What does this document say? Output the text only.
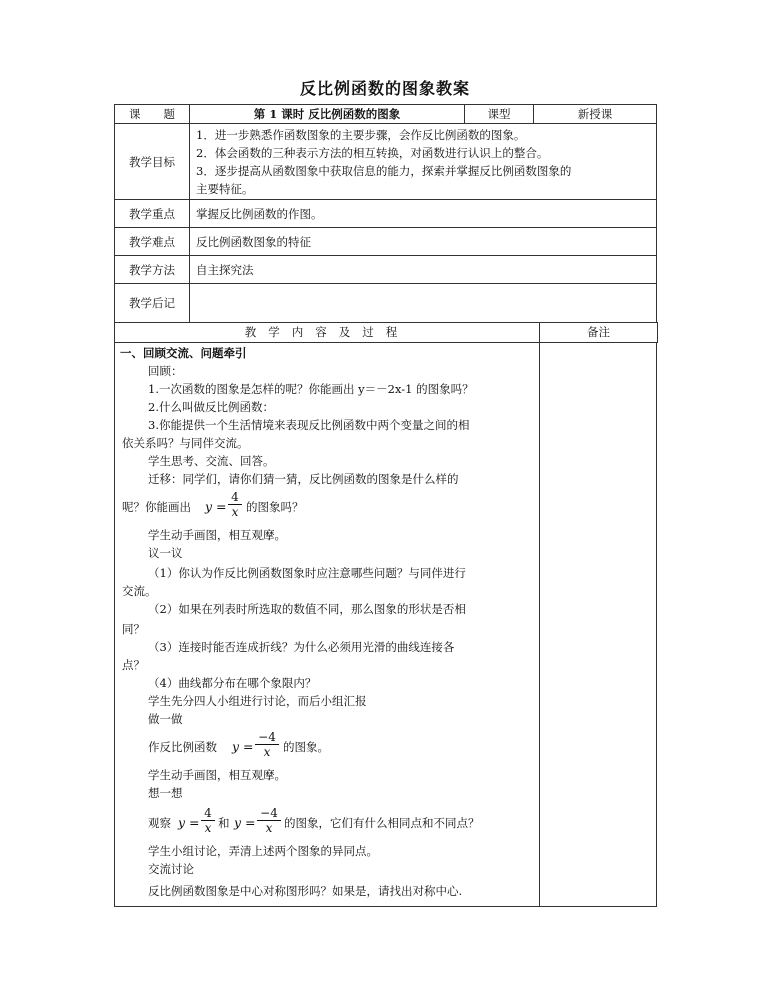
反比例函数的图象教案
课　　题	第 1 课时 反比例函数的图象	课型	新授课
教学目标	1．进一步熟悉作函数图象的主要步骤，会作反比例函数的图象。
2．体会函数的三种表示方法的相互转换，对函数进行认识上的整合。
3．逐步提高从函数图象中获取信息的能力，探索并掌握反比例函数图象的
主要特征。		

教学重点	掌握反比例函数的作图。		
教学难点	反比例函数图象的特征		
教学方法	自主探究法		
教学后记			
教学内容及过程	备注
一、回顾交流、问题牵引
回顾：
1.一次函数的图象是怎样的呢？你能画出 y＝－2x-1 的图象吗？
2.什么叫做反比例函数：
3.你能提供一个生活情境来表现反比例函数中两个变量之间的相
依关系吗？与同伴交流。
学生思考、交流、回答。
迁移：同学们，请你们猜一猜，反比例函数的图象是什么样的
呢？你能画出 $y = \frac{4}{x}$ 的图象吗？
学生动手画图，相互观摩。
议一议
（1）你认为作反比例函数图象时应注意哪些问题？与同伴进行
交流。
（2）如果在列表时所选取的数值不同，那么图象的形状是否相
同？
（3）连接时能否连成折线？为什么必须用光滑的曲线连接各
点？
（4）曲线都分布在哪个象限内？
学生先分四人小组进行讨论，而后小组汇报
做一做
作反比例函数 $y = \frac{-4}{x}$ 的图象。
学生动手画图，相互观摩。
想一想
观察 $y = \frac{4}{x}$ 和 $y = \frac{-4}{x}$ 的图象，它们有什么相同点和不同点？
学生小组讨论，弄清上述两个图象的异同点。
交流讨论
反比例函数图象是中心对称图形吗？如果是，请找出对称中心.
